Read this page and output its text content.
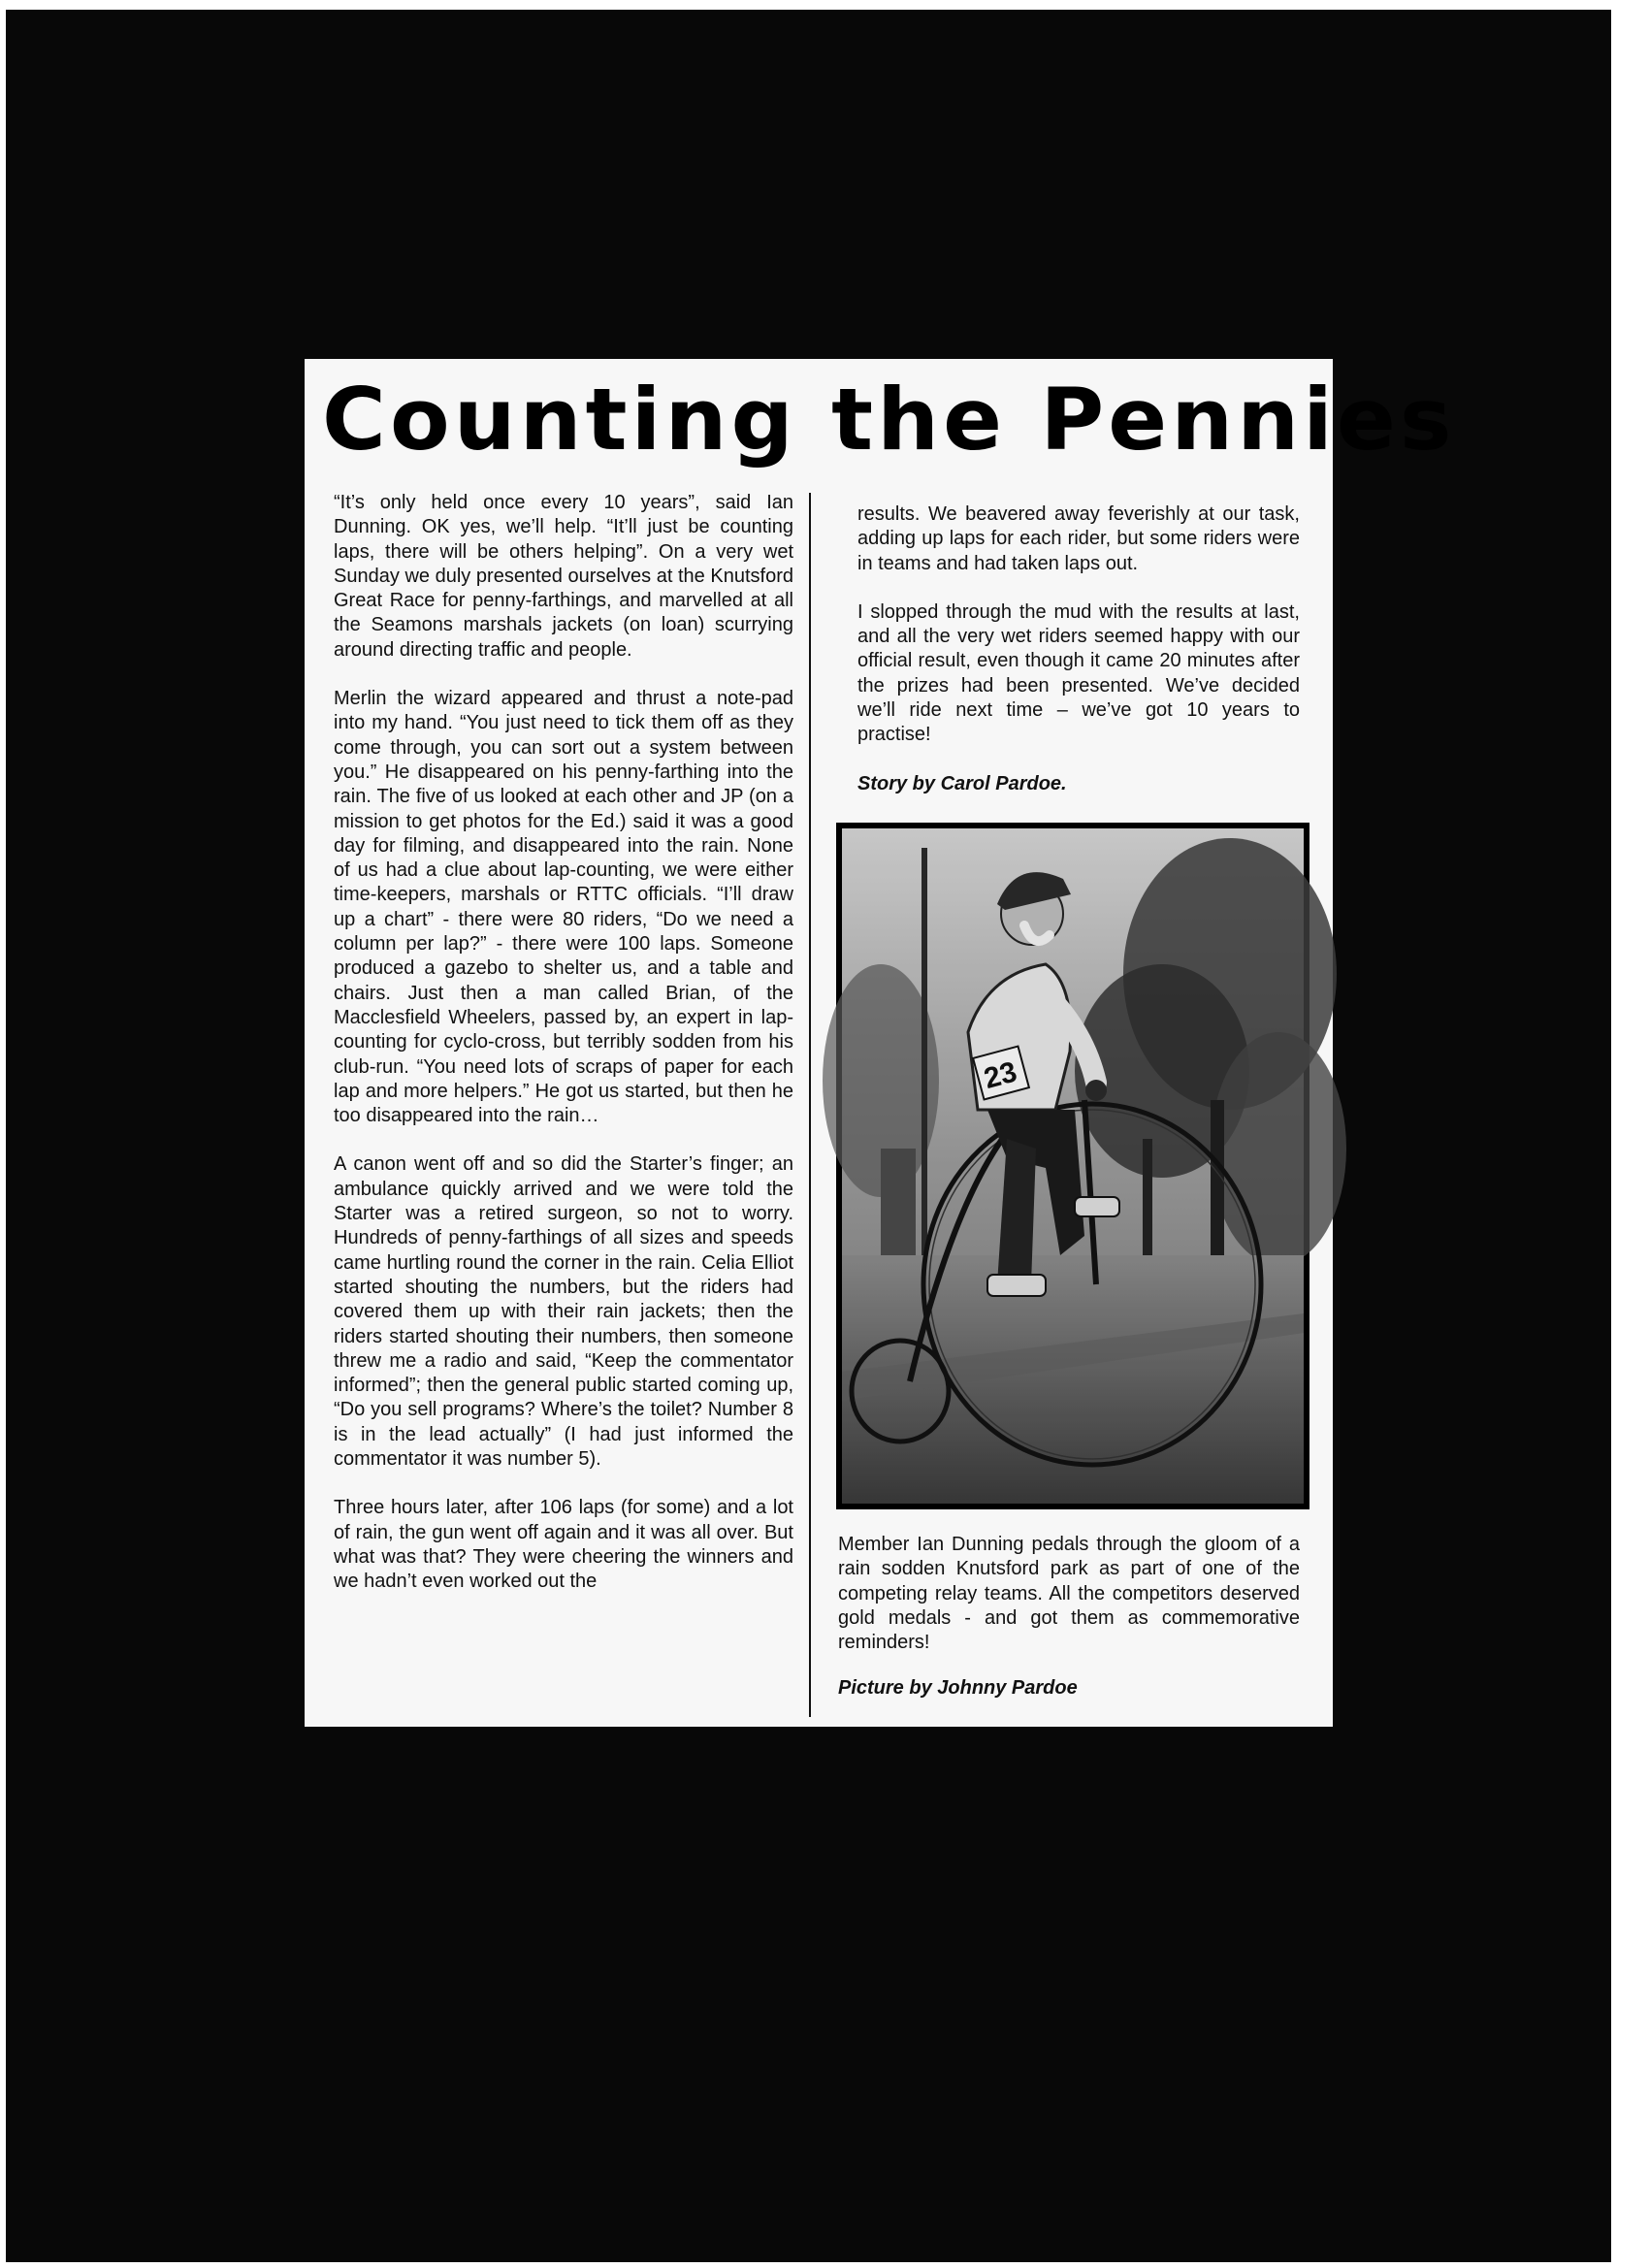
Counting the Pennies

“It’s only held once every 10 years”, said Ian Dunning. OK yes, we’ll help. “It’ll just be counting laps, there will be others helping”. On a very wet Sunday we duly presented ourselves at the Knutsford Great Race for penny-farthings, and marvelled at all the Seamons marshals jackets (on loan) scurrying around directing traffic and people.

Merlin the wizard appeared and thrust a note-pad into my hand. “You just need to tick them off as they come through, you can sort out a system between you.” He disappeared on his penny-farthing into the rain. The five of us looked at each other and JP (on a mission to get photos for the Ed.) said it was a good day for filming, and disappeared into the rain. None of us had a clue about lap-counting, we were either time-keepers, marshals or RTTC officials. “I’ll draw up a chart” - there were 80 riders, “Do we need a column per lap?” - there were 100 laps. Someone produced a gazebo to shelter us, and a table and chairs. Just then a man called Brian, of the Macclesfield Wheelers, passed by, an expert in lap-counting for cyclo-cross, but terribly sodden from his club-run. “You need lots of scraps of paper for each lap and more helpers.” He got us started, but then he too disappeared into the rain…

A canon went off and so did the Starter’s finger; an ambulance quickly arrived and we were told the Starter was a retired surgeon, so not to worry. Hundreds of penny-farthings of all sizes and speeds came hurtling round the corner in the rain. Celia Elliot started shouting the numbers, but the riders had covered them up with their rain jackets; then the riders started shouting their numbers, then someone threw me a radio and said, “Keep the commentator informed”; then the general public started coming up, “Do you sell programs? Where’s the toilet? Number 8 is in the lead actually” (I had just informed the commentator it was number 5).

Three hours later, after 106 laps (for some) and a lot of rain, the gun went off again and it was all over. But what was that? They were cheering the winners and we hadn’t even worked out the

results. We beavered away feverishly at our task, adding up laps for each rider, but some riders were in teams and had taken laps out.

I slopped through the mud with the results at last, and all the very wet riders seemed happy with our official result, even though it came 20 minutes after the prizes had been presented. We’ve decided we’ll ride next time – we’ve got 10 years to practise!

Story by Carol Pardoe.

23

Member Ian Dunning pedals through the gloom of a rain sodden Knutsford park as part of one of the competing relay teams. All the competitors deserved gold medals - and got them as commemorative reminders!

Picture by Johnny Pardoe
